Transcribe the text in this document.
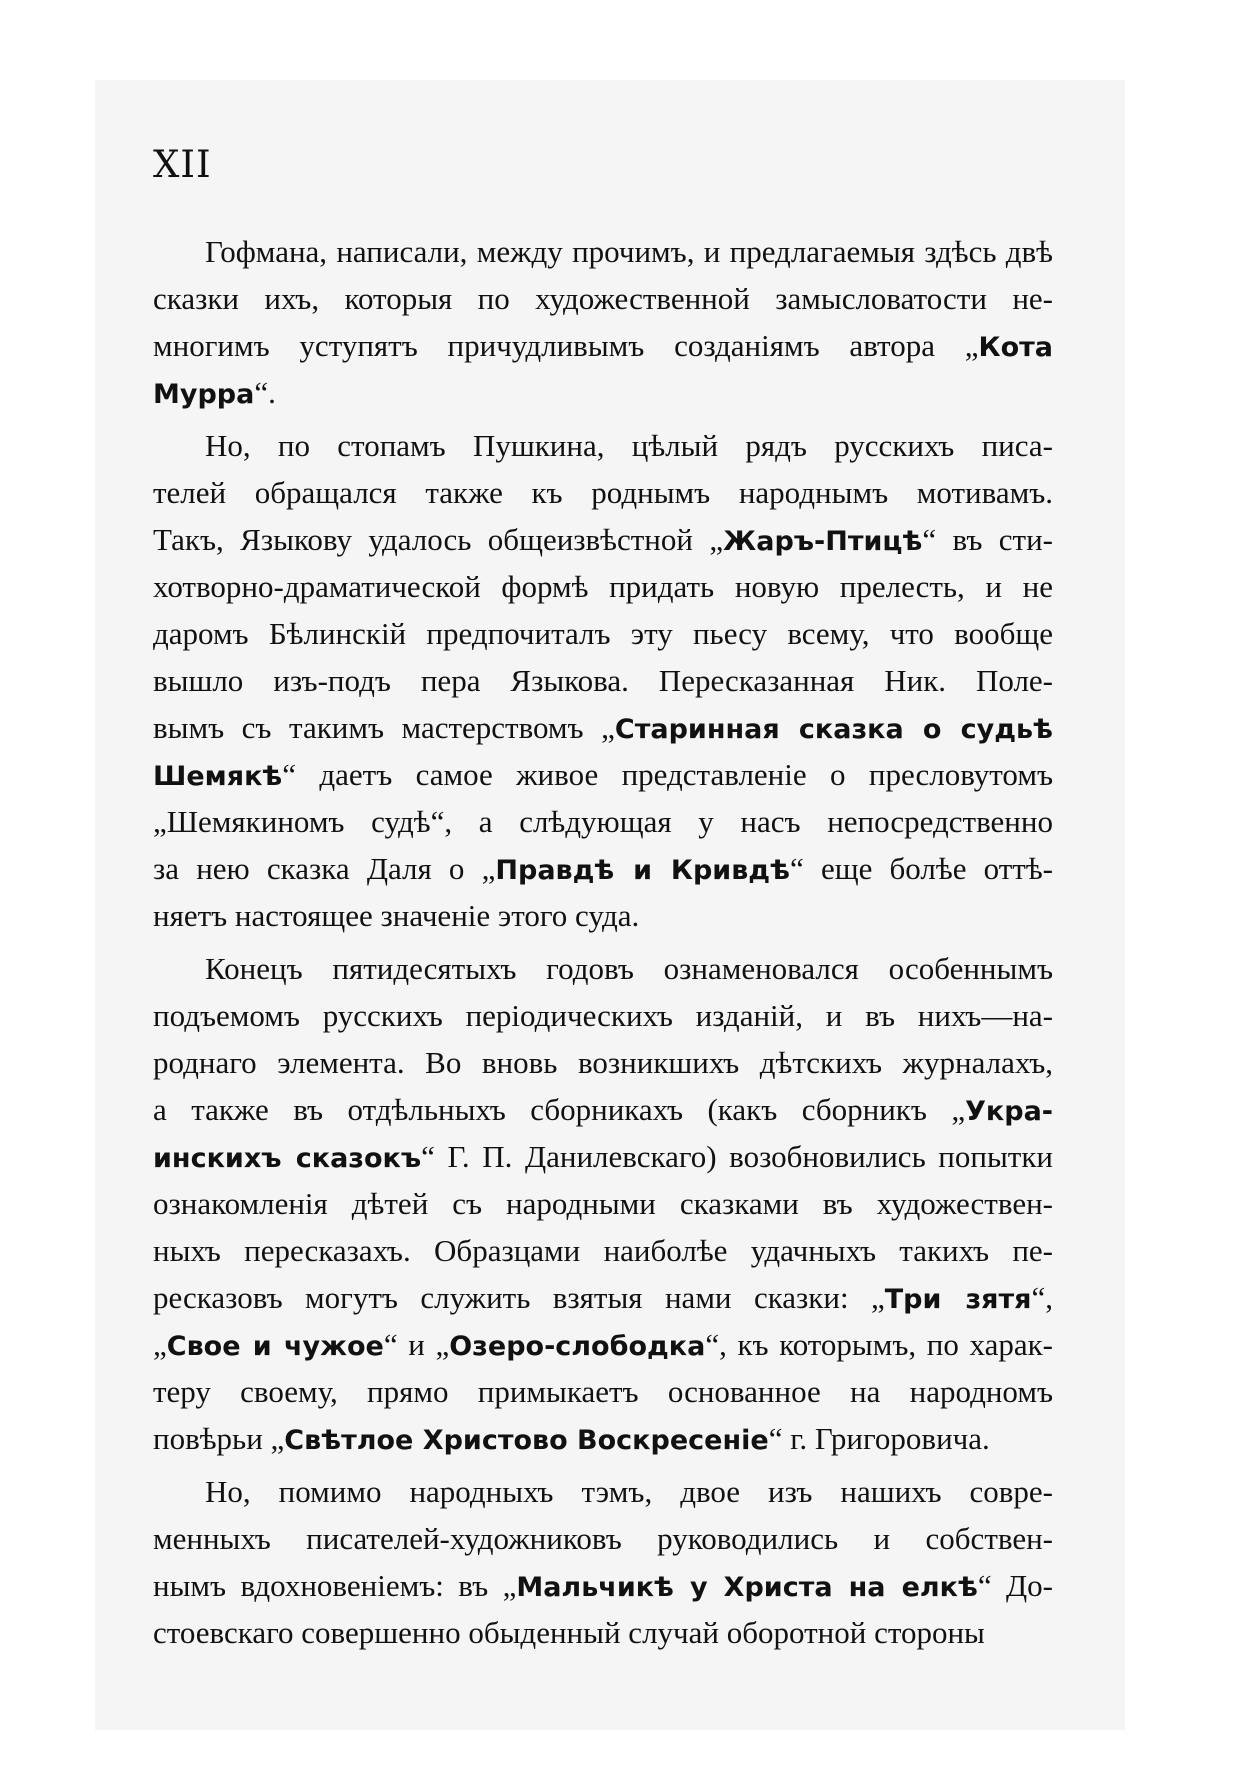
XII
Гофмана, написали, между прочимъ, и предлагаемыя здѣсь двѣ
сказки ихъ, которыя по художественной замысловатости не-
многимъ уступятъ причудливымъ созданіямъ автора „Кота
Мурра“.
Но, по стопамъ Пушкина, цѣлый рядъ русскихъ писа-
телей обращался также къ роднымъ народнымъ мотивамъ.
Такъ, Языкову удалось общеизвѣстной „Жаръ-Птицѣ“ въ сти-
хотворно-драматической формѣ придать новую прелесть, и не
даромъ Бѣлинскій предпочиталъ эту пьесу всему, что вообще
вышло изъ-подъ пера Языкова. Пересказанная Ник. Поле-
вымъ съ такимъ мастерствомъ „Старинная сказка о судьѣ
Шемякѣ“ даетъ самое живое представленіе о пресловутомъ
„Шемякиномъ судѣ“, а слѣдующая у насъ непосредственно
за нею сказка Даля о „Правдѣ и Кривдѣ“ еще болѣе оттѣ-
няетъ настоящее значеніе этого суда.
Конецъ пятидесятыхъ годовъ ознаменовался особеннымъ
подъемомъ русскихъ періодическихъ изданій, и въ нихъ—на-
роднаго элемента. Во вновь возникшихъ дѣтскихъ журналахъ,
а также въ отдѣльныхъ сборникахъ (какъ сборникъ „Укра-
инскихъ сказокъ“ Г. П. Данилевскаго) возобновились попытки
ознакомленія дѣтей съ народными сказками въ художествен-
ныхъ пересказахъ. Образцами наиболѣе удачныхъ такихъ пе-
ресказовъ могутъ служить взятыя нами сказки: „Три зятя“,
„Свое и чужое“ и „Озеро-слободка“, къ которымъ, по харак-
теру своему, прямо примыкаетъ основанное на народномъ
повѣрьи „Свѣтлое Христово Воскресеніе“ г. Григоровича.
Но, помимо народныхъ тэмъ, двое изъ нашихъ совре-
менныхъ писателей-художниковъ руководились и собствен-
нымъ вдохновеніемъ: въ „Мальчикѣ у Христа на елкѣ“ До-
стоевскаго совершенно обыденный случай оборотной стороны
